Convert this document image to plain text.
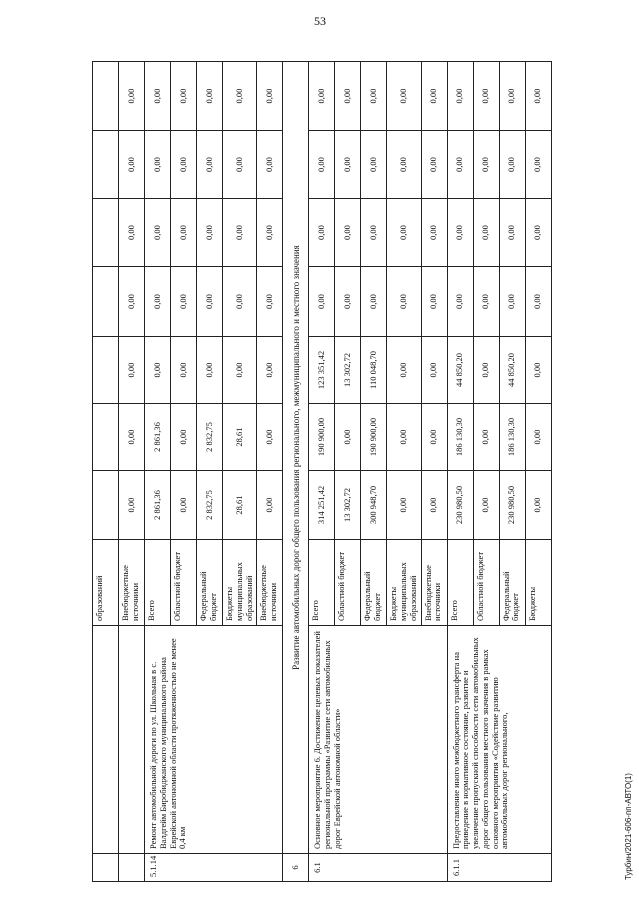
53
		образований							
		Внебюджетные источники	0,00	0,00	0,00	0,00	0,00	0,00	0,00
5.1.14	Ремонт автомобильной дороги по ул. Школьная в с. Валдгейм Биробиджанского муниципального района Еврейской автономной области протяженностью не менее 0,4 км	Всего	2 861,36	2 861,36	0,00	0,00	0,00	0,00	0,00
		Областной бюджет	0,00	0,00	0,00	0,00	0,00	0,00	0,00
		Федеральный бюджет	2 832,75	2 832,75	0,00	0,00	0,00	0,00	0,00
		Бюджеты муниципальных образований	28,61	28,61	0,00	0,00	0,00	0,00	0,00
		Внебюджетные источники	0,00	0,00	0,00	0,00	0,00	0,00	0,00
6	Развитие автомобильных дорог общего пользования регионального, межмуниципального и местного значения								
6.1	Основное мероприятие 6. Достижение целевых показателей региональной программы «Развитие сети автомобильных дорог Еврейской автономной области»	Всего	314 251,42	190 900,00	123 351,42	0,00	0,00	0,00	0,00
		Областной бюджет	13 302,72	0,00	13 302,72	0,00	0,00	0,00	0,00
		Федеральный бюджет	300 948,70	190 900,00	110 048,70	0,00	0,00	0,00	0,00
		Бюджеты муниципальных образований	0,00	0,00	0,00	0,00	0,00	0,00	0,00
		Внебюджетные источники	0,00	0,00	0,00	0,00	0,00	0,00	0,00
6.1.1	Предоставление иного межбюджетного трансферта на приведение в нормативное состояние, развитие и увеличение пропускной способности сети автомобильных дорог общего пользования местного значения в рамках основного мероприятия «Содействие развитию автомобильных дорог регионального,	Всего	230 980,50	186 130,30	44 850,20	0,00	0,00	0,00	0,00
		Областной бюджет	0,00	0,00	0,00	0,00	0,00	0,00	0,00
		Федеральный бюджет	230 980,50	186 130,30	44 850,20	0,00	0,00	0,00	0,00
		Бюджеты	0,00	0,00	0,00	0,00	0,00	0,00	0,00
Турбин/2021-606-пп-АВТО(1)
